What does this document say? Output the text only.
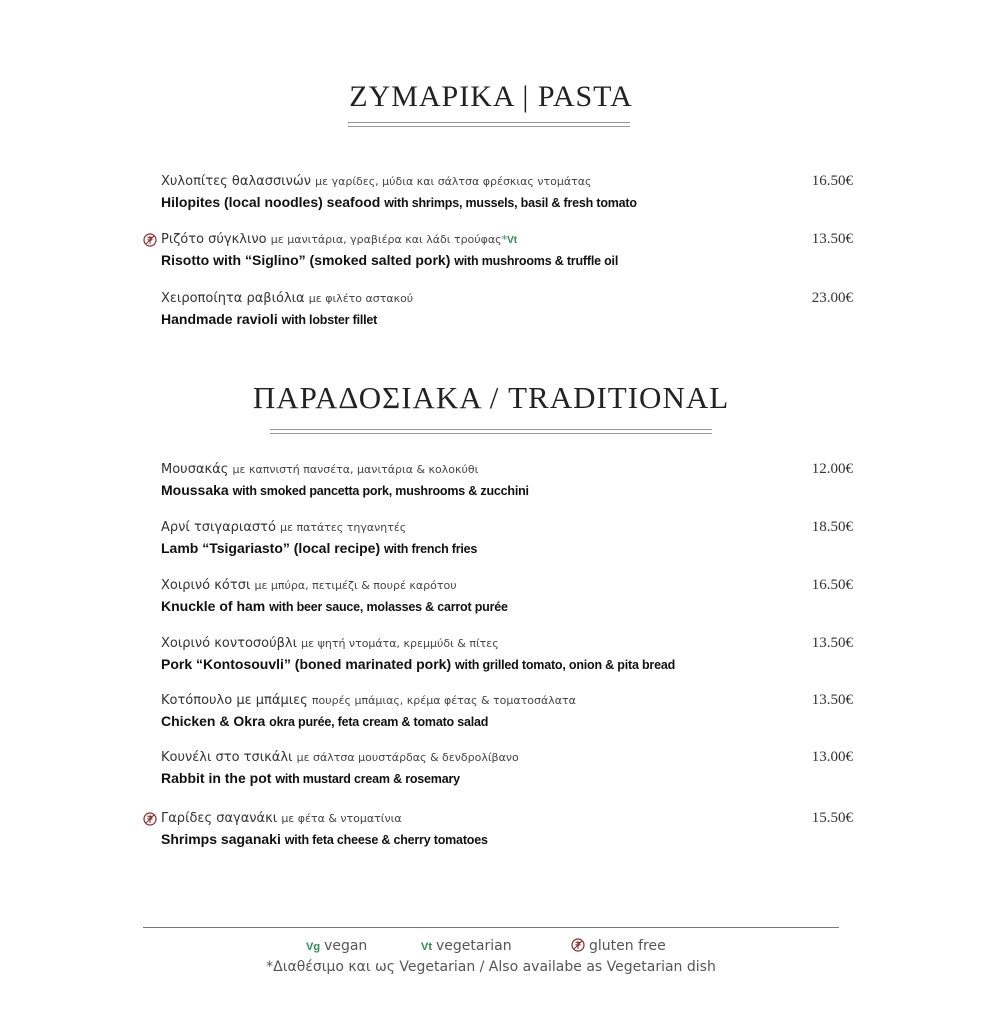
ΖΥΜΑΡΙΚΑ | PASTA
Χυλοπίτες θαλασσινών με γαρίδες, μύδια και σάλτσα φρέσκιας ντομάτας
Hilopites (local noodles) seafood with shrimps, mussels, basil & fresh tomato
16.50€
Ριζότο σύγκλινο με μανιτάρια, γραβιέρα και λάδι τρούφας*Vt
Risotto with “Siglino” (smoked salted pork) with mushrooms & truffle oil
13.50€
Χειροποίητα ραβιόλια με φιλέτο αστακού
Handmade ravioli with lobster fillet
23.00€
ΠΑΡΑΔΟΣΙΑΚΑ / TRADITIONAL
Μουσακάς με καπνιστή πανσέτα, μανιτάρια & κολοκύθι
Moussaka with smoked pancetta pork, mushrooms & zucchini
12.00€
Αρνί τσιγαριαστό με πατάτες τηγανητές
Lamb “Tsigariasto” (local recipe) with french fries
18.50€
Χοιρινό κότσι με μπύρα, πετιμέζι & πουρέ καρότου
Knuckle of ham with beer sauce, molasses & carrot purée
16.50€
Χοιρινό κοντοσούβλι με ψητή ντομάτα, κρεμμύδι & πίτες
Pork “Kontosouvli” (boned marinated pork) with grilled tomato, onion & pita bread
13.50€
Κοτόπουλο με μπάμιες πουρές μπάμιας, κρέμα φέτας & τοματοσάλατα
Chicken & Okra okra purée, feta cream & tomato salad
13.50€
Κουνέλι στο τσικάλι με σάλτσα μουστάρδας & δενδρολίβανο
Rabbit in the pot with mustard cream & rosemary
13.00€
Γαρίδες σαγανάκι με φέτα & ντοματίνια
Shrimps saganaki with feta cheese & cherry tomatoes
15.50€
Vg vegan	Vt vegetarian	gluten free
*Διαθέσιμο και ως Vegetarian / Also availabe as Vegetarian dish
